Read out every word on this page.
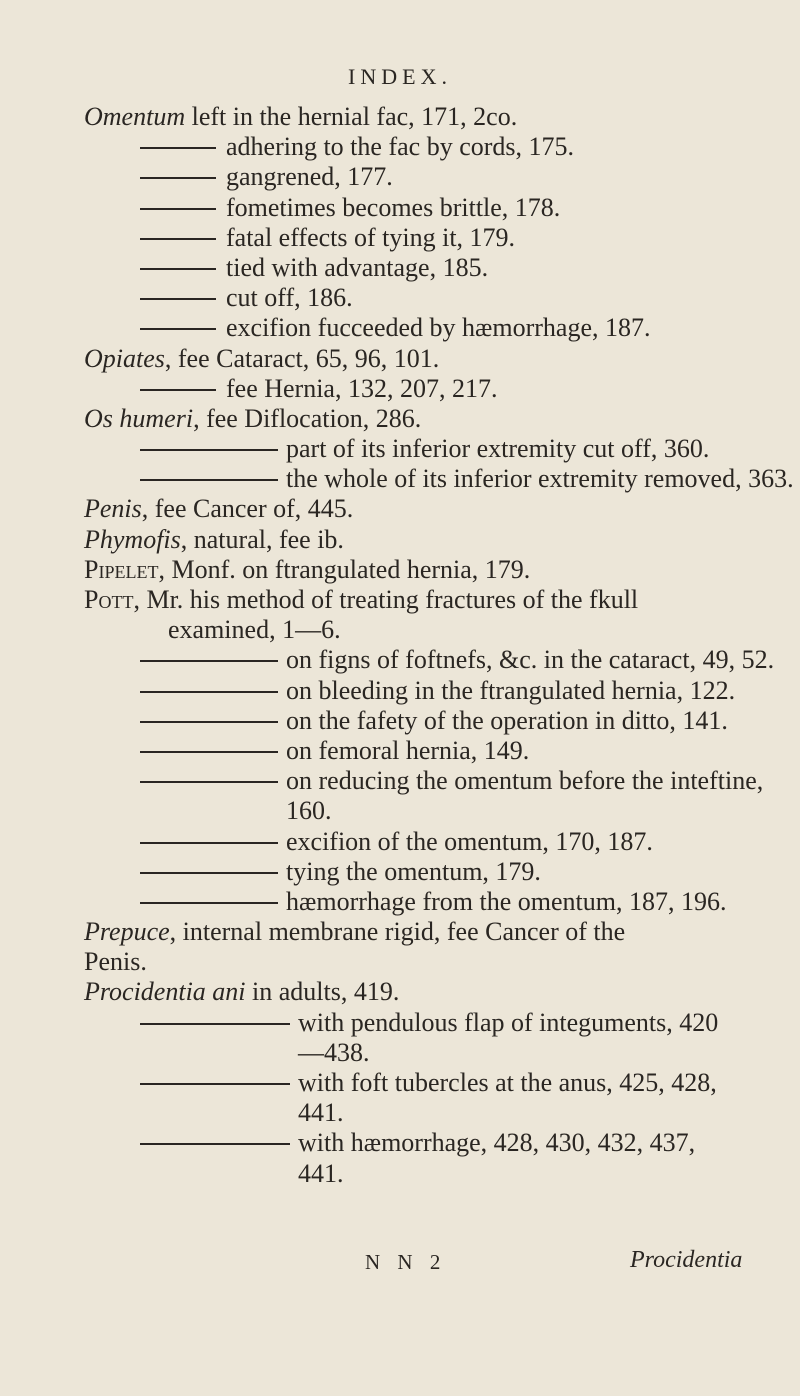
INDEX.
Omentum left in the hernial fac, 171, 2co.
adhering to the fac by cords, 175.
gangrened, 177.
fometimes becomes brittle, 178.
fatal effects of tying it, 179.
tied with advantage, 185.
cut off, 186.
excifion fucceeded by hæmorrhage, 187.
Opiates, fee Cataract, 65, 96, 101.
fee Hernia, 132, 207, 217.
Os humeri, fee Diflocation, 286.
part of its inferior extremity cut off, 360.
the whole of its inferior extremity removed, 363.
Penis, fee Cancer of, 445.
Phymofis, natural, fee ib.
Pipelet, Monf. on ftrangulated hernia, 179.
Pott, Mr. his method of treating fractures of the fkull
examined, 1—6.
on figns of foftnefs, &c. in the cataract, 49, 52.
on bleeding in the ftrangulated hernia, 122.
on the fafety of the operation in ditto, 141.
on femoral hernia, 149.
on reducing the omentum before the inteftine,
160.
excifion of the omentum, 170, 187.
tying the omentum, 179.
hæmorrhage from the omentum, 187, 196.
Prepuce, internal membrane rigid, fee Cancer of the
Penis.
Procidentia ani in adults, 419.
with pendulous flap of integuments, 420
—438.
with foft tubercles at the anus, 425, 428,
441.
with hæmorrhage, 428, 430, 432, 437,
441.
N N 2	Procidentia
